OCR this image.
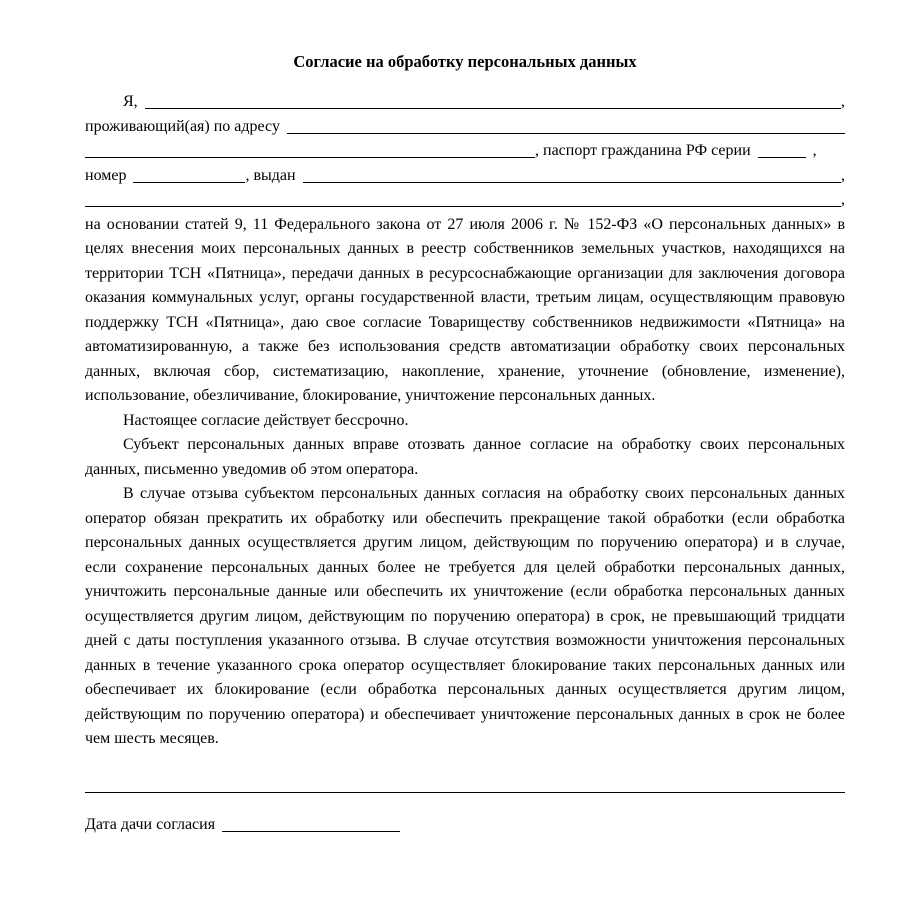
Согласие на обработку персональных данных
Я,	,
проживающий(ая) по адресу
, паспорт гражданина РФ серии	,
номер	, выдан	,
,

на основании статей 9, 11 Федерального закона от 27 июля 2006 г. № 152-ФЗ «О персональных данных» в целях внесения моих персональных данных в реестр собственников земельных участков, находящихся на территории ТСН «Пятница», передачи данных в ресурсоснабжающие организации для заключения договора оказания коммунальных услуг, органы государственной власти, третьим лицам, осуществляющим правовую поддержку ТСН «Пятница», даю свое согласие Товариществу собственников недвижимости «Пятница» на автоматизированную, а также без использования средств автоматизации обработку своих персональных данных, включая сбор, систематизацию, накопление, хранение, уточнение (обновление, изменение), использование, обезличивание, блокирование, уничтожение персональных данных.

Настоящее согласие действует бессрочно.

Субъект персональных данных вправе отозвать данное согласие на обработку своих персональных данных, письменно уведомив об этом оператора.

В случае отзыва субъектом персональных данных согласия на обработку своих персональных данных оператор обязан прекратить их обработку или обеспечить прекращение такой обработки (если обработка персональных данных осуществляется другим лицом, действующим по поручению оператора) и в случае, если сохранение персональных данных более не требуется для целей обработки персональных данных, уничтожить персональные данные или обеспечить их уничтожение (если обработка персональных данных осуществляется другим лицом, действующим по поручению оператора) в срок, не превышающий тридцати дней с даты поступления указанного отзыва. В случае отсутствия возможности уничтожения персональных данных в течение указанного срока оператор осуществляет блокирование таких персональных данных или обеспечивает их блокирование (если обработка персональных данных осуществляется другим лицом, действующим по поручению оператора) и обеспечивает уничтожение персональных данных в срок не более чем шесть месяцев.

Дата дачи согласия
